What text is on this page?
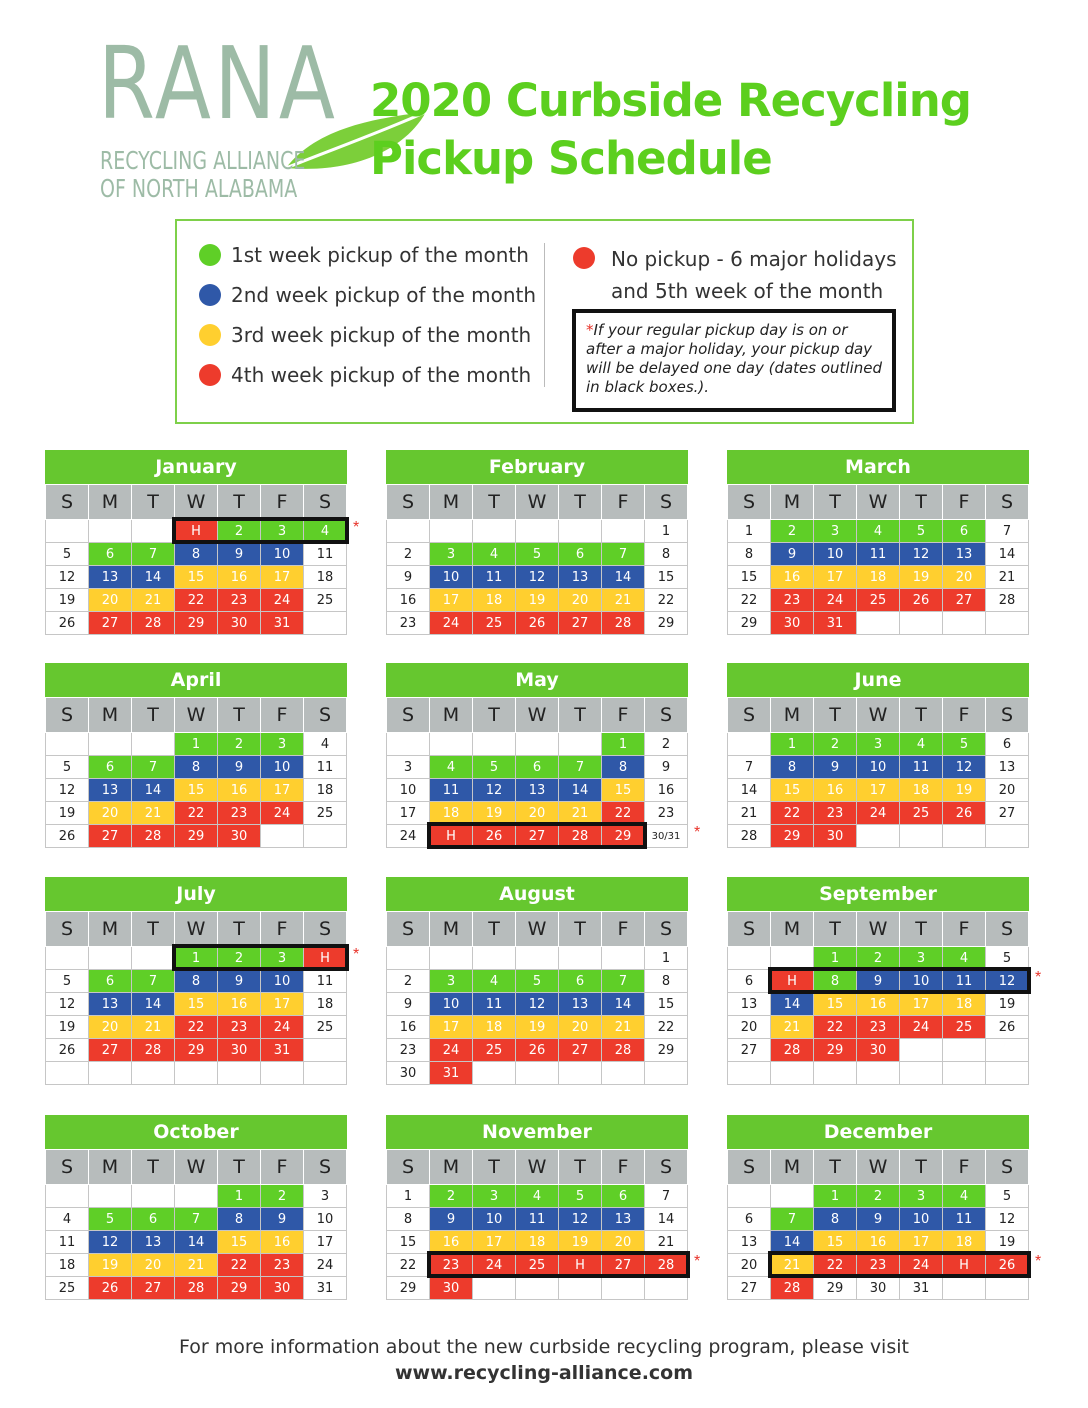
RANA
RECYCLING ALLIANCE
OF NORTH ALABAMA
2020 Curbside Recycling
Pickup Schedule
1st week pickup of the month
2nd week pickup of the month
3rd week pickup of the month
4th week pickup of the month
No pickup - 6 major holidays
and 5th week of the month
*If your regular pickup day is on or after a major holiday, your pickup day will be delayed one day (dates outlined in black boxes.).
January
S	M	T	W	T	F	S
			H	2	3	4
5	6	7	8	9	10	11
12	13	14	15	16	17	18
19	20	21	22	23	24	25
26	27	28	29	30	31	
*
February
S	M	T	W	T	F	S
						1
2	3	4	5	6	7	8
9	10	11	12	13	14	15
16	17	18	19	20	21	22
23	24	25	26	27	28	29
March
S	M	T	W	T	F	S
1	2	3	4	5	6	7
8	9	10	11	12	13	14
15	16	17	18	19	20	21
22	23	24	25	26	27	28
29	30	31				
April
S	M	T	W	T	F	S
			1	2	3	4
5	6	7	8	9	10	11
12	13	14	15	16	17	18
19	20	21	22	23	24	25
26	27	28	29	30		
May
S	M	T	W	T	F	S
					1	2
3	4	5	6	7	8	9
10	11	12	13	14	15	16
17	18	19	20	21	22	23
24	H	26	27	28	29	30/31 *
June
S	M	T	W	T	F	S
	1	2	3	4	5	6
7	8	9	10	11	12	13
14	15	16	17	18	19	20
21	22	23	24	25	26	27
28	29	30				
July
S	M	T	W	T	F	S
			1	2	3	H
5	6	7	8	9	10	11
12	13	14	15	16	17	18
19	20	21	22	23	24	25
26	27	28	29	30	31	

*
August
S	M	T	W	T	F	S
						1
2	3	4	5	6	7	8
9	10	11	12	13	14	15
16	17	18	19	20	21	22
23	24	25	26	27	28	29
30	31					
September
S	M	T	W	T	F	S
		1	2	3	4	5
6	H	8	9	10	11	12
13	14	15	16	17	18	19
20	21	22	23	24	25	26
27	28	29	30			

*
October
S	M	T	W	T	F	S
				1	2	3
4	5	6	7	8	9	10
11	12	13	14	15	16	17
18	19	20	21	22	23	24
25	26	27	28	29	30	31
November
S	M	T	W	T	F	S
1	2	3	4	5	6	7
8	9	10	11	12	13	14
15	16	17	18	19	20	21
22	23	24	25	H	27	28
29	30					
*
December
S	M	T	W	T	F	S
		1	2	3	4	5
6	7	8	9	10	11	12
13	14	15	16	17	18	19
20	21	22	23	24	H	26
27	28	29	30	31		
*
For more information about the new curbside recycling program, please visit
www.recycling-alliance.com
